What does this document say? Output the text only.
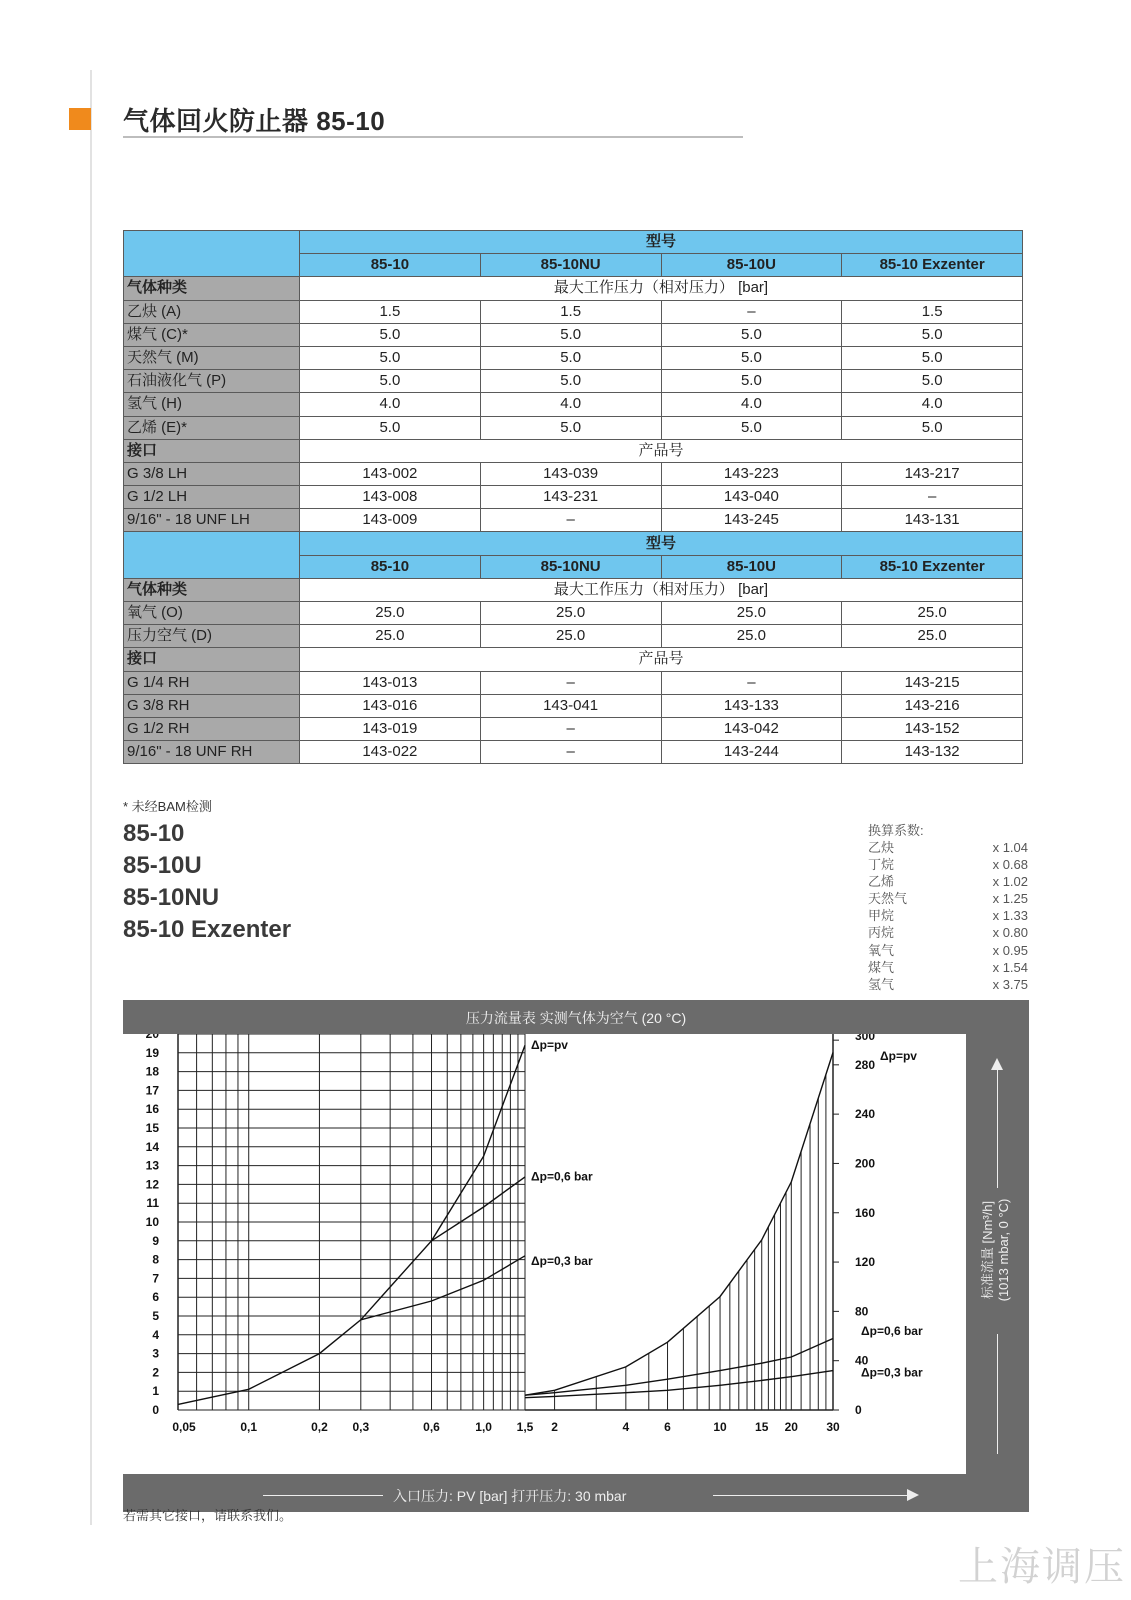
气体回火防止器 85-10
	型号			
	85-10	85-10NU	85-10U	85-10 Exzenter
气体种类	最大工作压力（相对压力） [bar]			
乙炔 (A)	1.5	1.5	–	1.5
煤气 (C)*	5.0	5.0	5.0	5.0
天然气 (M)	5.0	5.0	5.0	5.0
石油液化气 (P)	5.0	5.0	5.0	5.0
氢气 (H)	4.0	4.0	4.0	4.0
乙烯 (E)*	5.0	5.0	5.0	5.0
接口	产品号			
G 3/8 LH	143-002	143-039	143-223	143-217
G 1/2 LH	143-008	143-231	143-040	–
9/16" - 18 UNF LH	143-009	–	143-245	143-131
	型号			
	85-10	85-10NU	85-10U	85-10 Exzenter
气体种类	最大工作压力（相对压力） [bar]			
氧气 (O)	25.0	25.0	25.0	25.0
压力空气 (D)	25.0	25.0	25.0	25.0
接口	产品号			
G 1/4 RH	143-013	–	–	143-215
G 3/8 RH	143-016	143-041	143-133	143-216
G 1/2 RH	143-019	–	143-042	143-152
9/16" - 18 UNF RH	143-022	–	143-244	143-132
* 未经BAM检测
85-10
85-10U
85-10NU
85-10 Exzenter
换算系数:
乙炔	x 1.04
丁烷	x 0.68
乙烯	x 1.02
天然气	x 1.25
甲烷	x 1.33
丙烷	x 0.80
氧气	x 0.95
煤气	x 1.54
氢气	x 3.75
压力流量表 实测气体为空气 (20 °C)
0
1
2
3
4
5
6
7
8
9
10
11
12
13
14
15
16
17
18
19
20
0,05	0,1	0,2 0,3	0,6	1,0 1,5 2	4	6	10 15 20 30
0
40
80
120
160
200
240
280
300
Δp=pv
Δp=0,6 bar
Δp=0,3 bar
Δp=pv
Δp=0,6 bar
Δp=0,3 bar
入口压力: PV [bar] 打开压力: 30 mbar
标准流量 [Nm³/h] (1013 mbar, 0 °C)
若需其它接口，请联系我们。
上海调压
